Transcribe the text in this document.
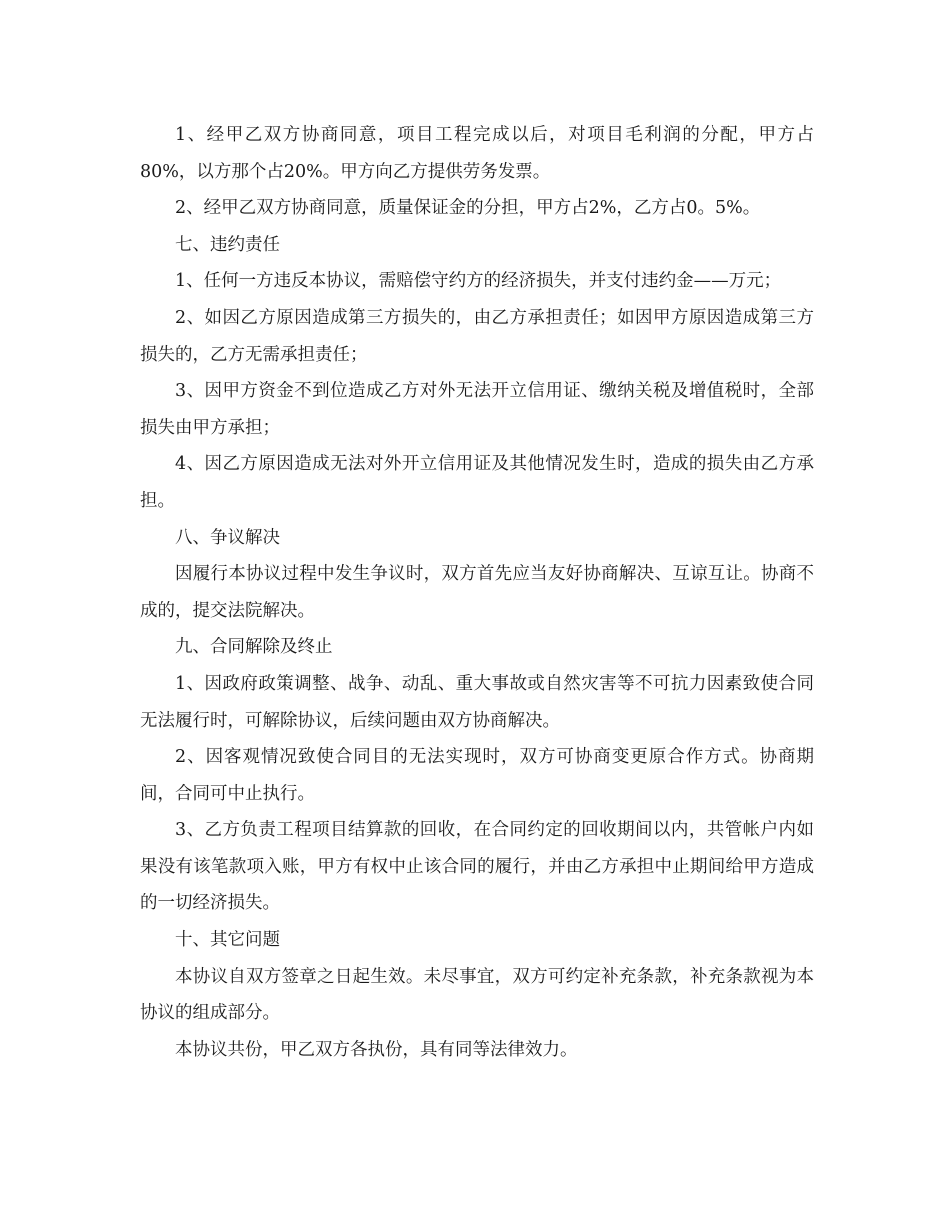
1、经甲乙双方协商同意，项目工程完成以后，对项目毛利润的分配，甲方占80%，以方那个占20%。甲方向乙方提供劳务发票。

2、经甲乙双方协商同意，质量保证金的分担，甲方占2%，乙方占0。5%。

七、违约责任

1、任何一方违反本协议，需赔偿守约方的经济损失，并支付违约金——万元；

2、如因乙方原因造成第三方损失的，由乙方承担责任；如因甲方原因造成第三方损失的，乙方无需承担责任；

3、因甲方资金不到位造成乙方对外无法开立信用证、缴纳关税及增值税时，全部损失由甲方承担；

4、因乙方原因造成无法对外开立信用证及其他情况发生时，造成的损失由乙方承担。

八、争议解决

因履行本协议过程中发生争议时，双方首先应当友好协商解决、互谅互让。协商不成的，提交法院解决。

九、合同解除及终止

1、因政府政策调整、战争、动乱、重大事故或自然灾害等不可抗力因素致使合同无法履行时，可解除协议，后续问题由双方协商解决。

2、因客观情况致使合同目的无法实现时，双方可协商变更原合作方式。协商期间，合同可中止执行。

3、乙方负责工程项目结算款的回收，在合同约定的回收期间以内，共管帐户内如果没有该笔款项入账，甲方有权中止该合同的履行，并由乙方承担中止期间给甲方造成的一切经济损失。

十、其它问题

本协议自双方签章之日起生效。未尽事宜，双方可约定补充条款，补充条款视为本协议的组成部分。

本协议共份，甲乙双方各执份，具有同等法律效力。
